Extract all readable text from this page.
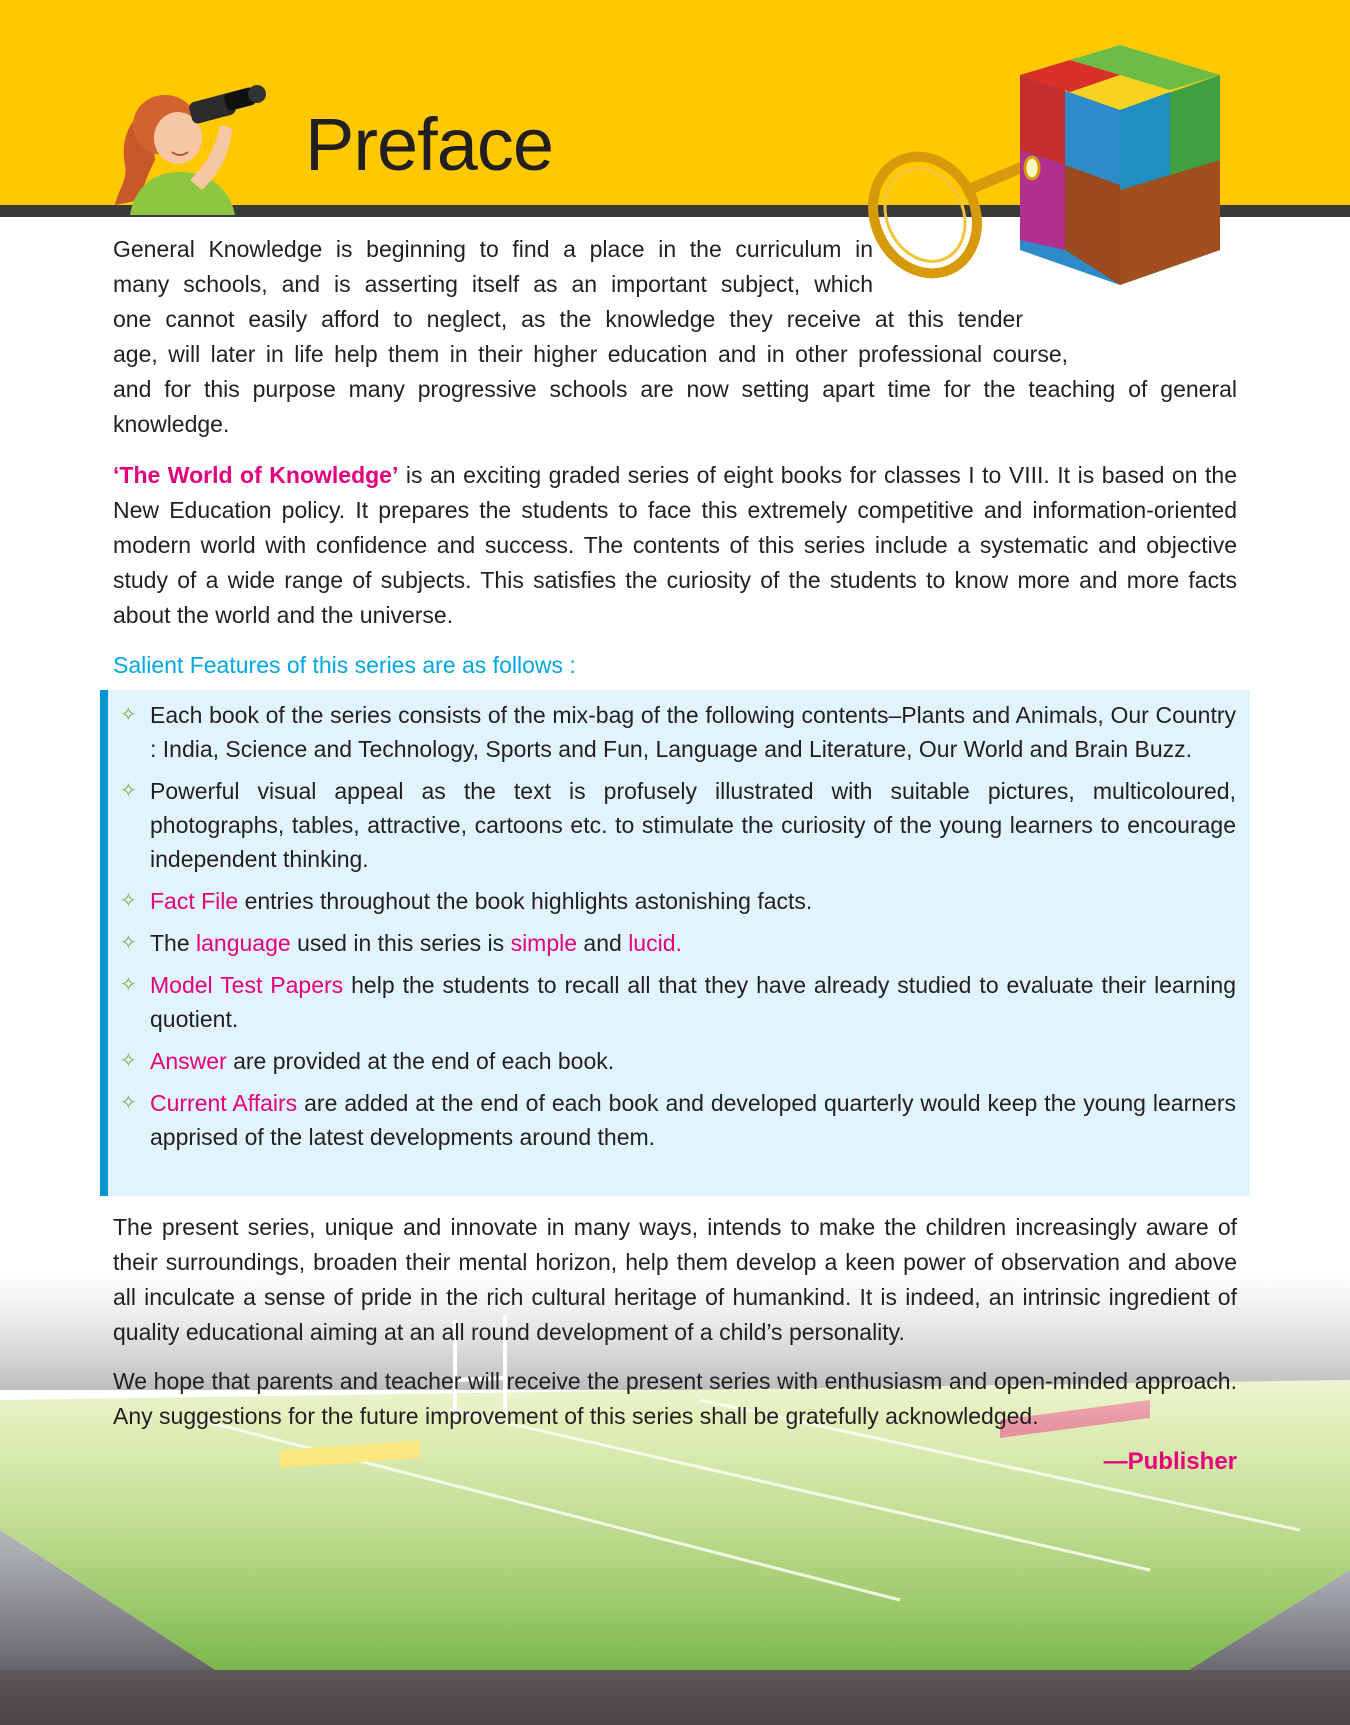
Preface
General Knowledge is beginning to find a place in the curriculum in
many schools, and is asserting itself as an important subject, which
one cannot easily afford to neglect, as the knowledge they receive at this tender
age, will later in life help them in their higher education and in other professional course,
and for this purpose many progressive schools are now setting apart time for the teaching of general knowledge.
‘The World of Knowledge’ is an exciting graded series of eight books for classes I to VIII. It is based on the New Education policy. It prepares the students to face this extremely competitive and information-oriented modern world with confidence and success. The contents of this series include a systematic and objective study of a wide range of subjects. This satisfies the curiosity of the students to know more and more facts about the world and the universe.
Salient Features of this series are as follows :
✧ Each book of the series consists of the mix-bag of the following contents–Plants and Animals, Our Country : India, Science and Technology, Sports and Fun, Language and Literature, Our World and Brain Buzz.
✧ Powerful visual appeal as the text is profusely illustrated with suitable pictures, multicoloured, photographs, tables, attractive, cartoons etc. to stimulate the curiosity of the young learners to encourage independent thinking.
✧ Fact File entries throughout the book highlights astonishing facts.
✧ The language used in this series is simple and lucid.
✧ Model Test Papers help the students to recall all that they have already studied to evaluate their learning quotient.
✧ Answer are provided at the end of each book.
✧ Current Affairs are added at the end of each book and developed quarterly would keep the young learners apprised of the latest developments around them.
The present series, unique and innovate in many ways, intends to make the children increasingly aware of their surroundings, broaden their mental horizon, help them develop a keen power of observation and above all inculcate a sense of pride in the rich cultural heritage of humankind. It is indeed, an intrinsic ingredient of quality educational aiming at an all round development of a child’s personality.
We hope that parents and teacher will receive the present series with enthusiasm and open-minded approach. Any suggestions for the future improvement of this series shall be gratefully acknowledged.
—Publisher
